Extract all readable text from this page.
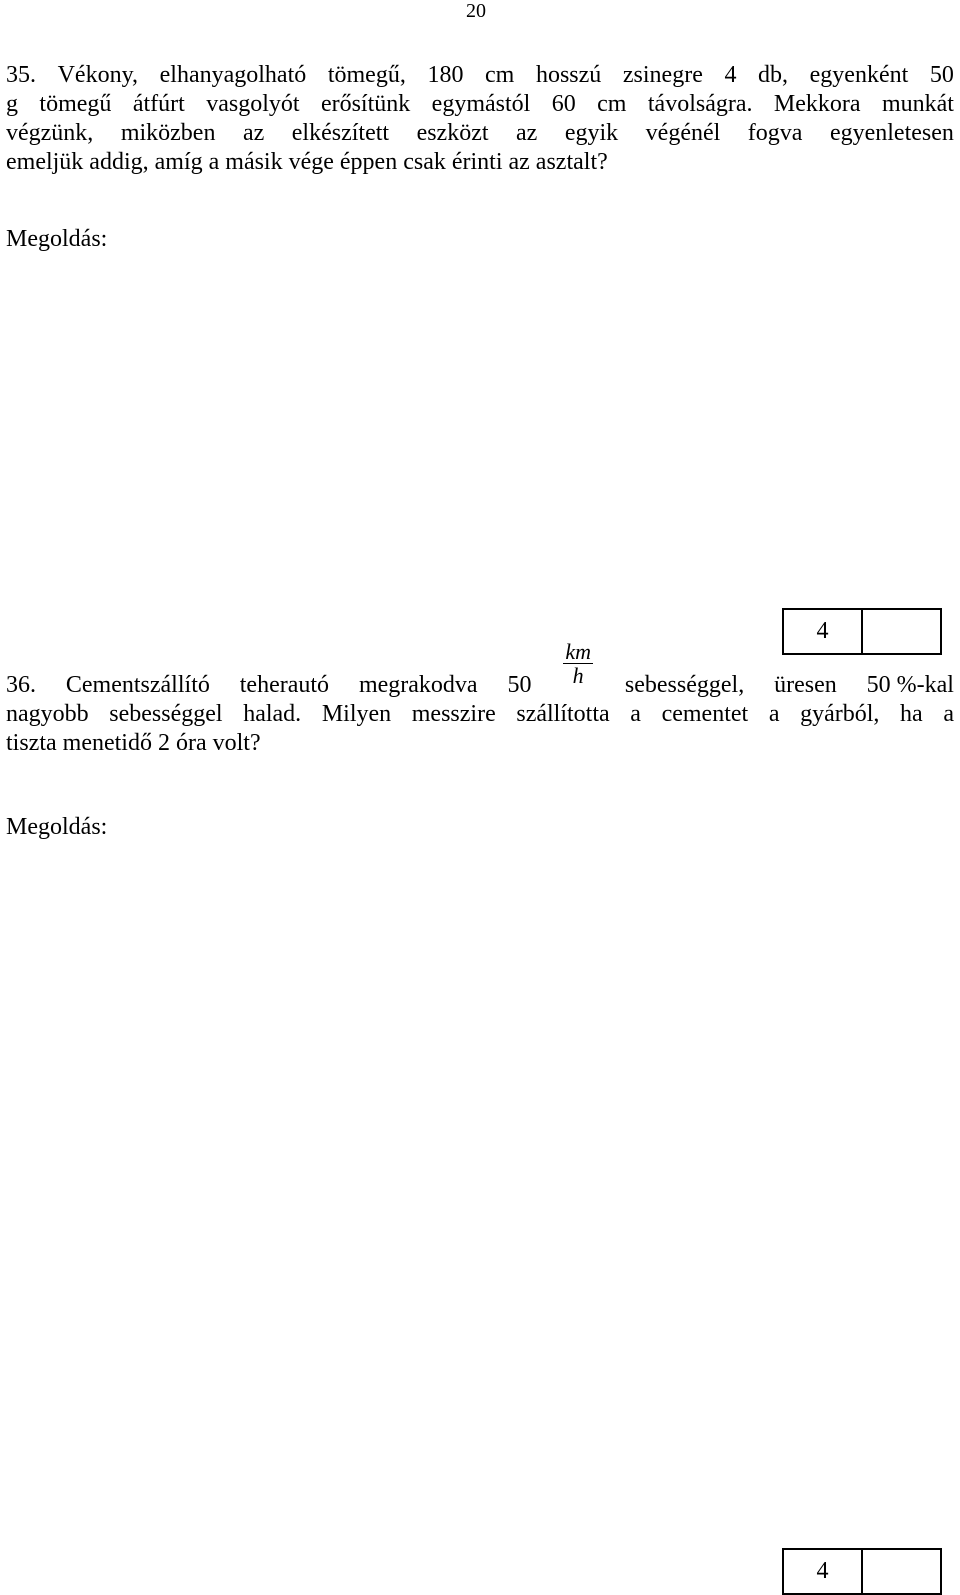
20
35. Vékony, elhanyagolható tömegű, 180 cm hosszú zsinegre 4 db, egyenként 50
g tömegű átfúrt vasgolyót erősítünk egymástól 60 cm távolságra. Mekkora munkát
végzünk, miközben az elkészített eszközt az egyik végénél fogva egyenletesen
emeljük addig, amíg a másik vége éppen csak érinti az asztalt?
Megoldás:
4
36. Cementszállító teherautó megrakodva $50 \frac{km}{h}$ sebességgel, üresen 50 %-kal
nagyobb sebességgel halad. Milyen messzire szállította a cementet a gyárból, ha a
tiszta menetidő 2 óra volt?
Megoldás:
4
